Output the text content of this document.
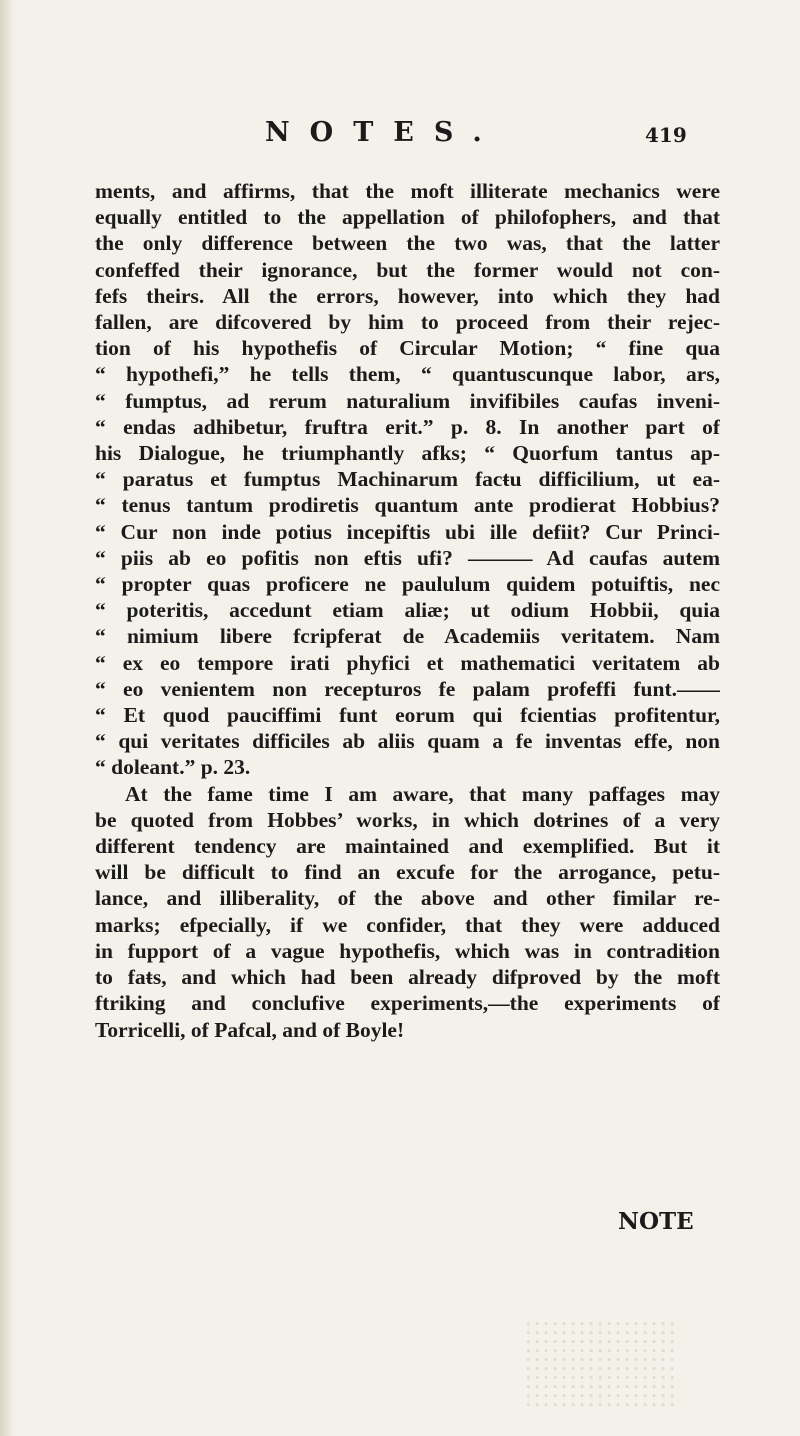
NOTES.	419
ments, and affirms, that the moft illiterate mechanics were
equally entitled to the appellation of philofophers, and that
the only difference between the two was, that the latter
confeffed their ignorance, but the former would not con-
fefs theirs. All the errors, however, into which they had
fallen, are difcovered by him to proceed from their rejec-
tion of his hypothefis of Circular Motion; “ fine qua
“ hypothefi,” he tells them, “ quantuscunque labor, ars,
“ fumptus, ad rerum naturalium invifibiles caufas inveni-
“ endas adhibetur, fruftra erit.” p. 8. In another part of
his Dialogue, he triumphantly afks; “ Quorfum tantus ap-
“ paratus et fumptus Machinarum facŧu difficilium, ut ea-
“ tenus tantum prodiretis quantum ante prodierat Hobbius?
“ Cur non inde potius incepiftis ubi ille defiit? Cur Princi-
“ piis ab eo pofitis non eftis ufi? ——— Ad caufas autem
“ propter quas proficere ne paululum quidem potuiftis, nec
“ poteritis, accedunt etiam aliæ; ut odium Hobbii, quia
“ nimium libere fcripferat de Academiis veritatem. Nam
“ ex eo tempore irati phyfici et mathematici veritatem ab
“ eo venientem non recepturos fe palam profeffi funt.——
“ Et quod pauciffimi funt eorum qui fcientias profitentur,
“ qui veritates difficiles ab aliis quam a fe inventas effe, non
“ doleant.” p. 23.
At the fame time I am aware, that many paffages may
be quoted from Hobbes’ works, in which doŧrines of a very
different tendency are maintained and exemplified. But it
will be difficult to find an excufe for the arrogance, petu-
lance, and illiberality, of the above and other fimilar re-
marks; efpecially, if we confider, that they were adduced
in fupport of a vague hypothefis, which was in contradiŧion
to faŧs, and which had been already difproved by the moft
ftriking and conclufive experiments,—the experiments of
Torricelli, of Pafcal, and of Boyle!
NOTE
